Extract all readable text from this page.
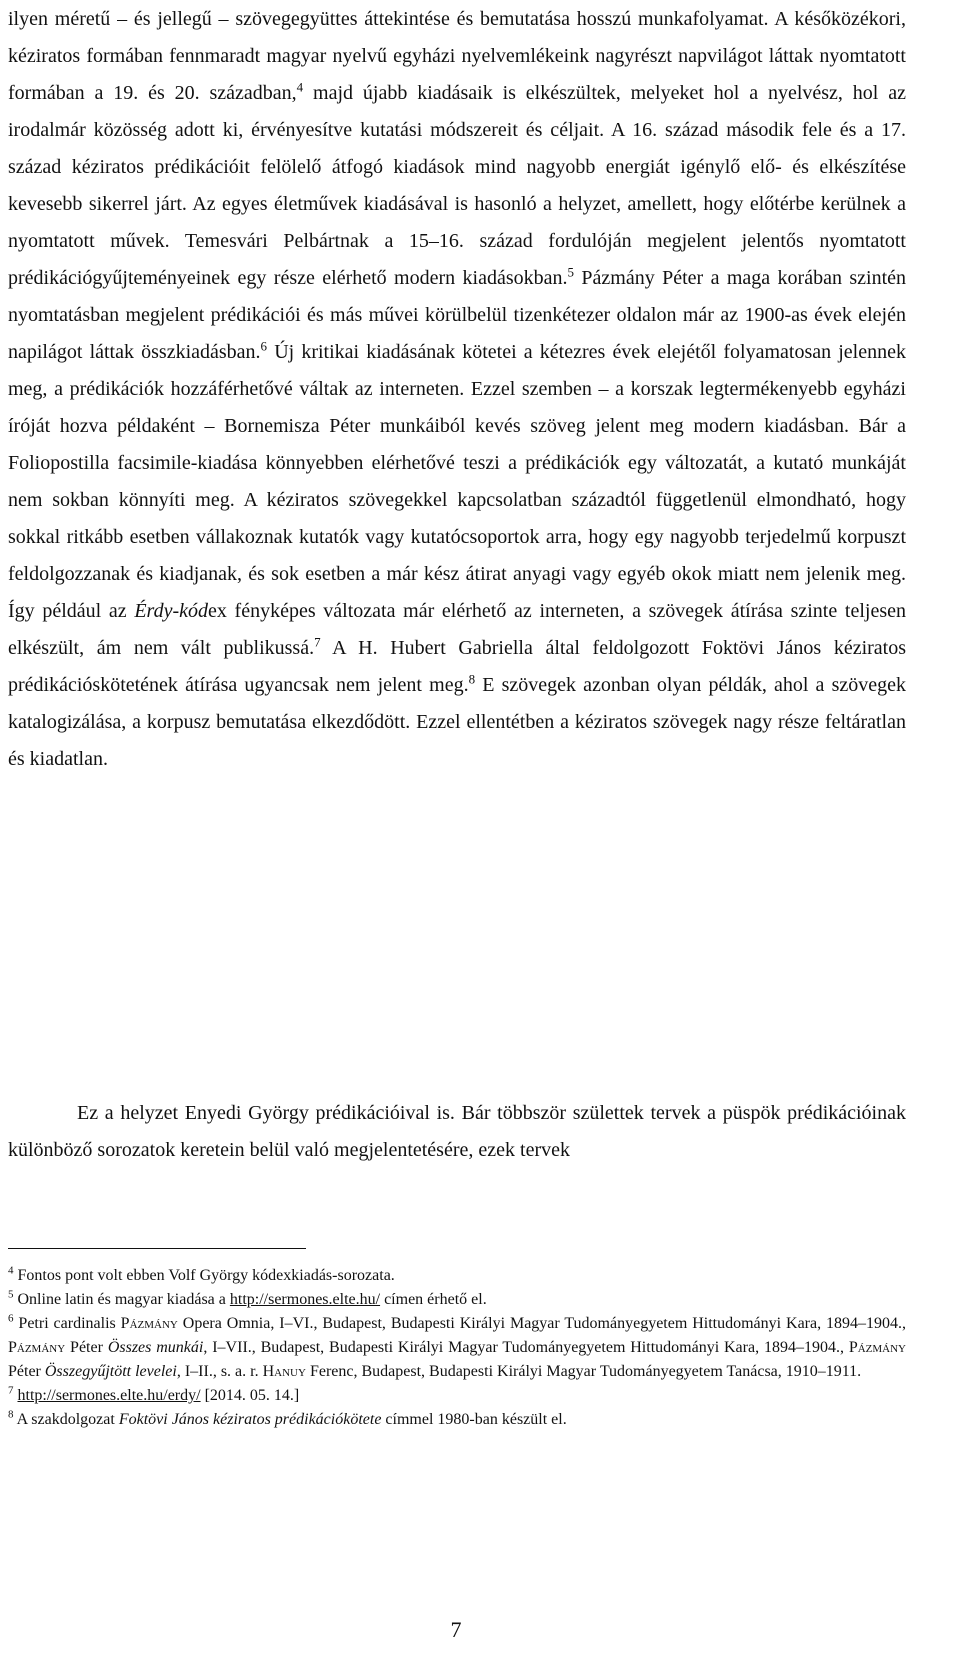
ilyen méretű – és jellegű – szövegegyüttes áttekintése és bemutatása hosszú munkafolyamat. A későközékori, kéziratos formában fennmaradt magyar nyelvű egyházi nyelvemlékeink nagyrészt napvilágot láttak nyomtatott formában a 19. és 20. században,$^4$ majd újabb kiadásaik is elkészültek, melyeket hol a nyelvész, hol az irodalmár közösség adott ki, érvényesítve kutatási módszereit és céljait. A 16. század második fele és a 17. század kéziratos prédikációit felölelő átfogó kiadások mind nagyobb energiát igénylő elő- és elkészítése kevesebb sikerrel járt. Az egyes életművek kiadásával is hasonló a helyzet, amellett, hogy előtérbe kerülnek a nyomtatott művek. Temesvári Pelbártnak a 15–16. század fordulóján megjelent jelentős nyomtatott prédikációgyűjteményeinek egy része elérhető modern kiadásokban.$^5$ Pázmány Péter a maga korában szintén nyomtatásban megjelent prédikációi és más művei körülbelül tizenkétezer oldalon már az 1900-as évek elején napilágot láttak összkiadásban.$^6$ Új kritikai kiadásának kötetei a kétezres évek elejétől folyamatosan jelennek meg, a prédikációk hozzáférhetővé váltak az interneten. Ezzel szemben – a korszak legtermékenyebb egyházi íróját hozva példaként – Bornemisza Péter munkáiból kevés szöveg jelent meg modern kiadásban. Bár a Foliopostilla facsimile-kiadása könnyebben elérhetővé teszi a prédikációk egy változatát, a kutató munkáját nem sokban könnyíti meg. A kéziratos szövegekkel kapcsolatban századtól függetlenül elmondható, hogy sokkal ritkább esetben vállakoznak kutatók vagy kutatócsoportok arra, hogy egy nagyobb terjedelmű korpuszt feldolgozzanak és kiadjanak, és sok esetben a már kész átirat anyagi vagy egyéb okok miatt nem jelenik meg. Így például az Érdy-kódex fényképes változata már elérhető az interneten, a szövegek átírása szinte teljesen elkészült, ám nem vált publikussá.$^7$ A H. Hubert Gabriella által feldolgozott Foktövi János kéziratos prédikációskötetének átírása ugyancsak nem jelent meg.$^8$ E szövegek azonban olyan példák, ahol a szövegek katalogizálása, a korpusz bemutatása elkezdődött. Ezzel ellentétben a kéziratos szövegek nagy része feltáratlan és kiadatlan.

Ez a helyzet Enyedi György prédikációival is. Bár többször születtek tervek a püspök prédikációinak különböző sorozatok keretein belül való megjelentetésére, ezek tervek

$^4$ Fontos pont volt ebben Volf György kódexkiadás-sorozata.

$^5$ Online latin és magyar kiadása a http://sermones.elte.hu/ címen érhető el.

$^6$ Petri cardinalis Pázmány Opera Omnia, I–VI., Budapest, Budapesti Királyi Magyar Tudományegyetem Hittudományi Kara, 1894–1904., Pázmány Péter Összes munkái, I–VII., Budapest, Budapesti Királyi Magyar Tudományegyetem Hittudományi Kara, 1894–1904., Pázmány Péter Összegyűjtött levelei, I–II., s. a. r. Hanuy Ferenc, Budapest, Budapesti Királyi Magyar Tudományegyetem Tanácsa, 1910–1911.

$^7$ http://sermones.elte.hu/erdy/ [2014. 05. 14.]

$^8$ A szakdolgozat Foktövi János kéziratos prédikációkötete címmel 1980-ban készült el.

7
